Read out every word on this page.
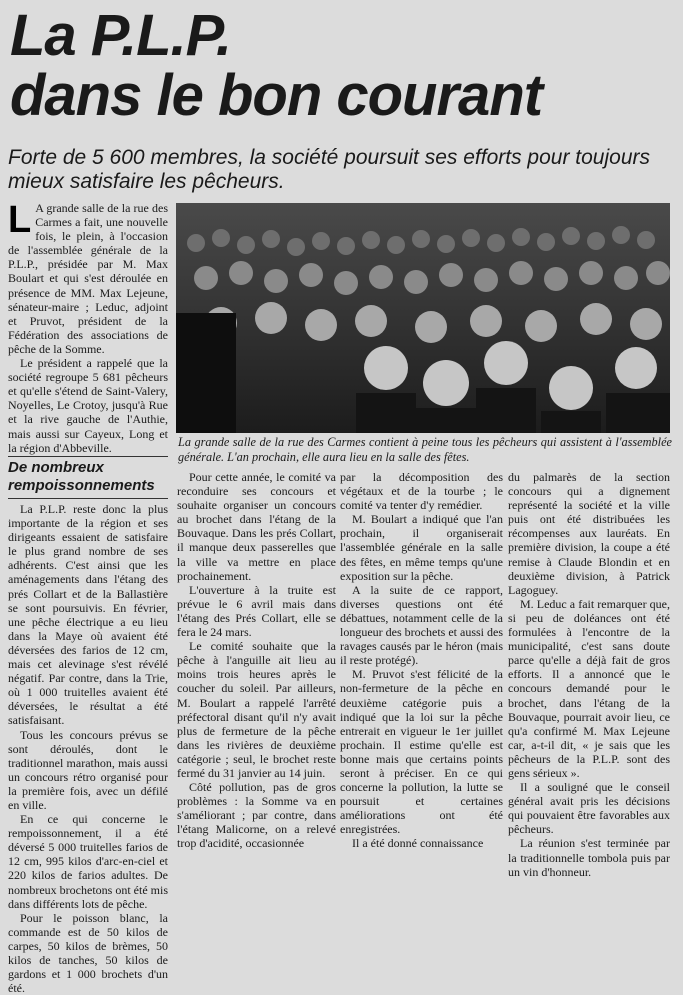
La P.L.P.
dans le bon courant

Forte de 5 600 membres, la société poursuit ses efforts pour toujours mieux satisfaire les pêcheurs.

L A grande salle de la rue des Carmes a fait, une nouvelle fois, le plein, à l'occasion de l'assemblée générale de la P.L.P., présidée par M. Max Boulart et qui s'est déroulée en présence de MM. Max Lejeune, sénateur-maire ; Leduc, adjoint et Pruvot, président de la Fédération des associations de pêche de la Somme.

Le président a rappelé que la société regroupe 5 681 pêcheurs et qu'elle s'étend de Saint-Valery, Noyelles, Le Crotoy, jusqu'à Rue et la rive gauche de l'Authie, mais aussi sur Cayeux, Long et la région d'Abbeville.

De nombreux rempoissonnements

La P.L.P. reste donc la plus importante de la région et ses dirigeants essaient de satisfaire le plus grand nombre de ses adhérents. C'est ainsi que les aménagements dans l'étang des prés Collart et de la Ballastière se sont poursuivis. En février, une pêche électrique a eu lieu dans la Maye où avaient été déversées des farios de 12 cm, mais cet alevinage s'est révélé négatif. Par contre, dans la Trie, où 1 000 truitelles avaient été déversées, le résultat a été satisfaisant.

Tous les concours prévus se sont déroulés, dont le traditionnel marathon, mais aussi un concours rétro organisé pour la première fois, avec un défilé en ville.

En ce qui concerne le rempoissonnement, il a été déversé 5 000 truitelles farios de 12 cm, 995 kilos d'arc-en-ciel et 220 kilos de farios adultes. De nombreux brochetons ont été mis dans différents lots de pêche.

Pour le poisson blanc, la commande est de 50 kilos de carpes, 50 kilos de brèmes, 50 kilos de tanches, 50 kilos de gardons et 1 000 brochets d'un été.

La grande salle de la rue des Carmes contient à peine tous les pêcheurs qui assistent à l'assemblée générale. L'an prochain, elle aura lieu en la salle des fêtes.

Pour cette année, le comité va reconduire ses concours et souhaite organiser un concours au brochet dans l'étang de la Bouvaque. Dans les prés Collart, il manque deux passerelles que la ville va mettre en place prochainement.

L'ouverture à la truite est prévue le 6 avril mais dans l'étang des Prés Collart, elle se fera le 24 mars.

Le comité souhaite que la pêche à l'anguille ait lieu au moins trois heures après le coucher du soleil. Par ailleurs, M. Boulart a rappelé l'arrêté préfectoral disant qu'il n'y avait plus de fermeture de la pêche dans les rivières de deuxième catégorie ; seul, le brochet reste fermé du 31 janvier au 14 juin.

Côté pollution, pas de gros problèmes : la Somme va en s'améliorant ; par contre, dans l'étang Malicorne, on a relevé trop d'acidité, occasionnée

par la décomposition des végétaux et de la tourbe ; le comité va tenter d'y remédier.

M. Boulart a indiqué que l'an prochain, il organiserait l'assemblée générale en la salle des fêtes, en même temps qu'une exposition sur la pêche.

A la suite de ce rapport, diverses questions ont été débattues, notamment celle de la longueur des brochets et aussi des ravages causés par le héron (mais il reste protégé).

M. Pruvot s'est félicité de la non-fermeture de la pêche en deuxième catégorie puis a indiqué que la loi sur la pêche entrerait en vigueur le 1er juillet prochain. Il estime qu'elle est bonne mais que certains points seront à préciser. En ce qui concerne la pollution, la lutte se poursuit et certaines améliorations ont été enregistrées.

Il a été donné connaissance

du palmarès de la section concours qui a dignement représenté la société et la ville puis ont été distribuées les récompenses aux lauréats. En première division, la coupe a été remise à Claude Blondin et en deuxième division, à Patrick Lagoguey.

M. Leduc a fait remarquer que, si peu de doléances ont été formulées à l'encontre de la municipalité, c'est sans doute parce qu'elle a déjà fait de gros efforts. Il a annoncé que le concours demandé pour le brochet, dans l'étang de la Bouvaque, pourrait avoir lieu, ce qu'a confirmé M. Max Lejeune car, a-t-il dit, « je sais que les pêcheurs de la P.L.P. sont des gens sérieux ».

Il a souligné que le conseil général avait pris les décisions qui pouvaient être favorables aux pêcheurs.

La réunion s'est terminée par la traditionnelle tombola puis par un vin d'honneur.
